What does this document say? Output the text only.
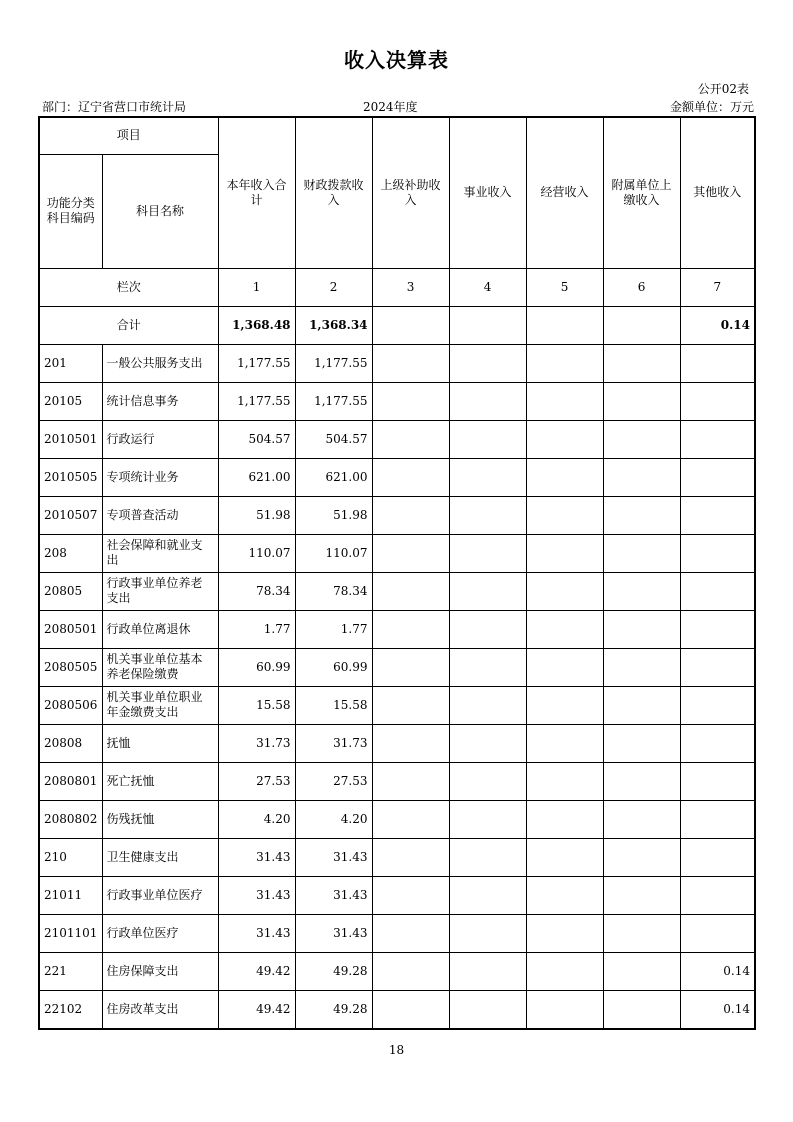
收入决算表
公开02表
部门：辽宁省营口市统计局	2024年度	金额单位：万元
项目		本年收入合计	财政拨款收入	上级补助收入	事业收入	经营收入	附属单位上缴收入	其他收入
功能分类科目编码	科目名称							
栏次		1	2	3	4	5	6	7
合计		1,368.48	1,368.34					0.14
201	一般公共服务支出	1,177.55	1,177.55					
20105	统计信息事务	1,177.55	1,177.55					
2010501	行政运行	504.57	504.57					
2010505	专项统计业务	621.00	621.00					
2010507	专项普查活动	51.98	51.98					
208	社会保障和就业支出	110.07	110.07					
20805	行政事业单位养老支出	78.34	78.34					
2080501	行政单位离退休	1.77	1.77					
2080505	机关事业单位基本养老保险缴费	60.99	60.99					
2080506	机关事业单位职业年金缴费支出	15.58	15.58					
20808	抚恤	31.73	31.73					
2080801	死亡抚恤	27.53	27.53					
2080802	伤残抚恤	4.20	4.20					
210	卫生健康支出	31.43	31.43					
21011	行政事业单位医疗	31.43	31.43					
2101101	行政单位医疗	31.43	31.43					
221	住房保障支出	49.42	49.28					0.14
22102	住房改革支出	49.42	49.28					0.14
18
